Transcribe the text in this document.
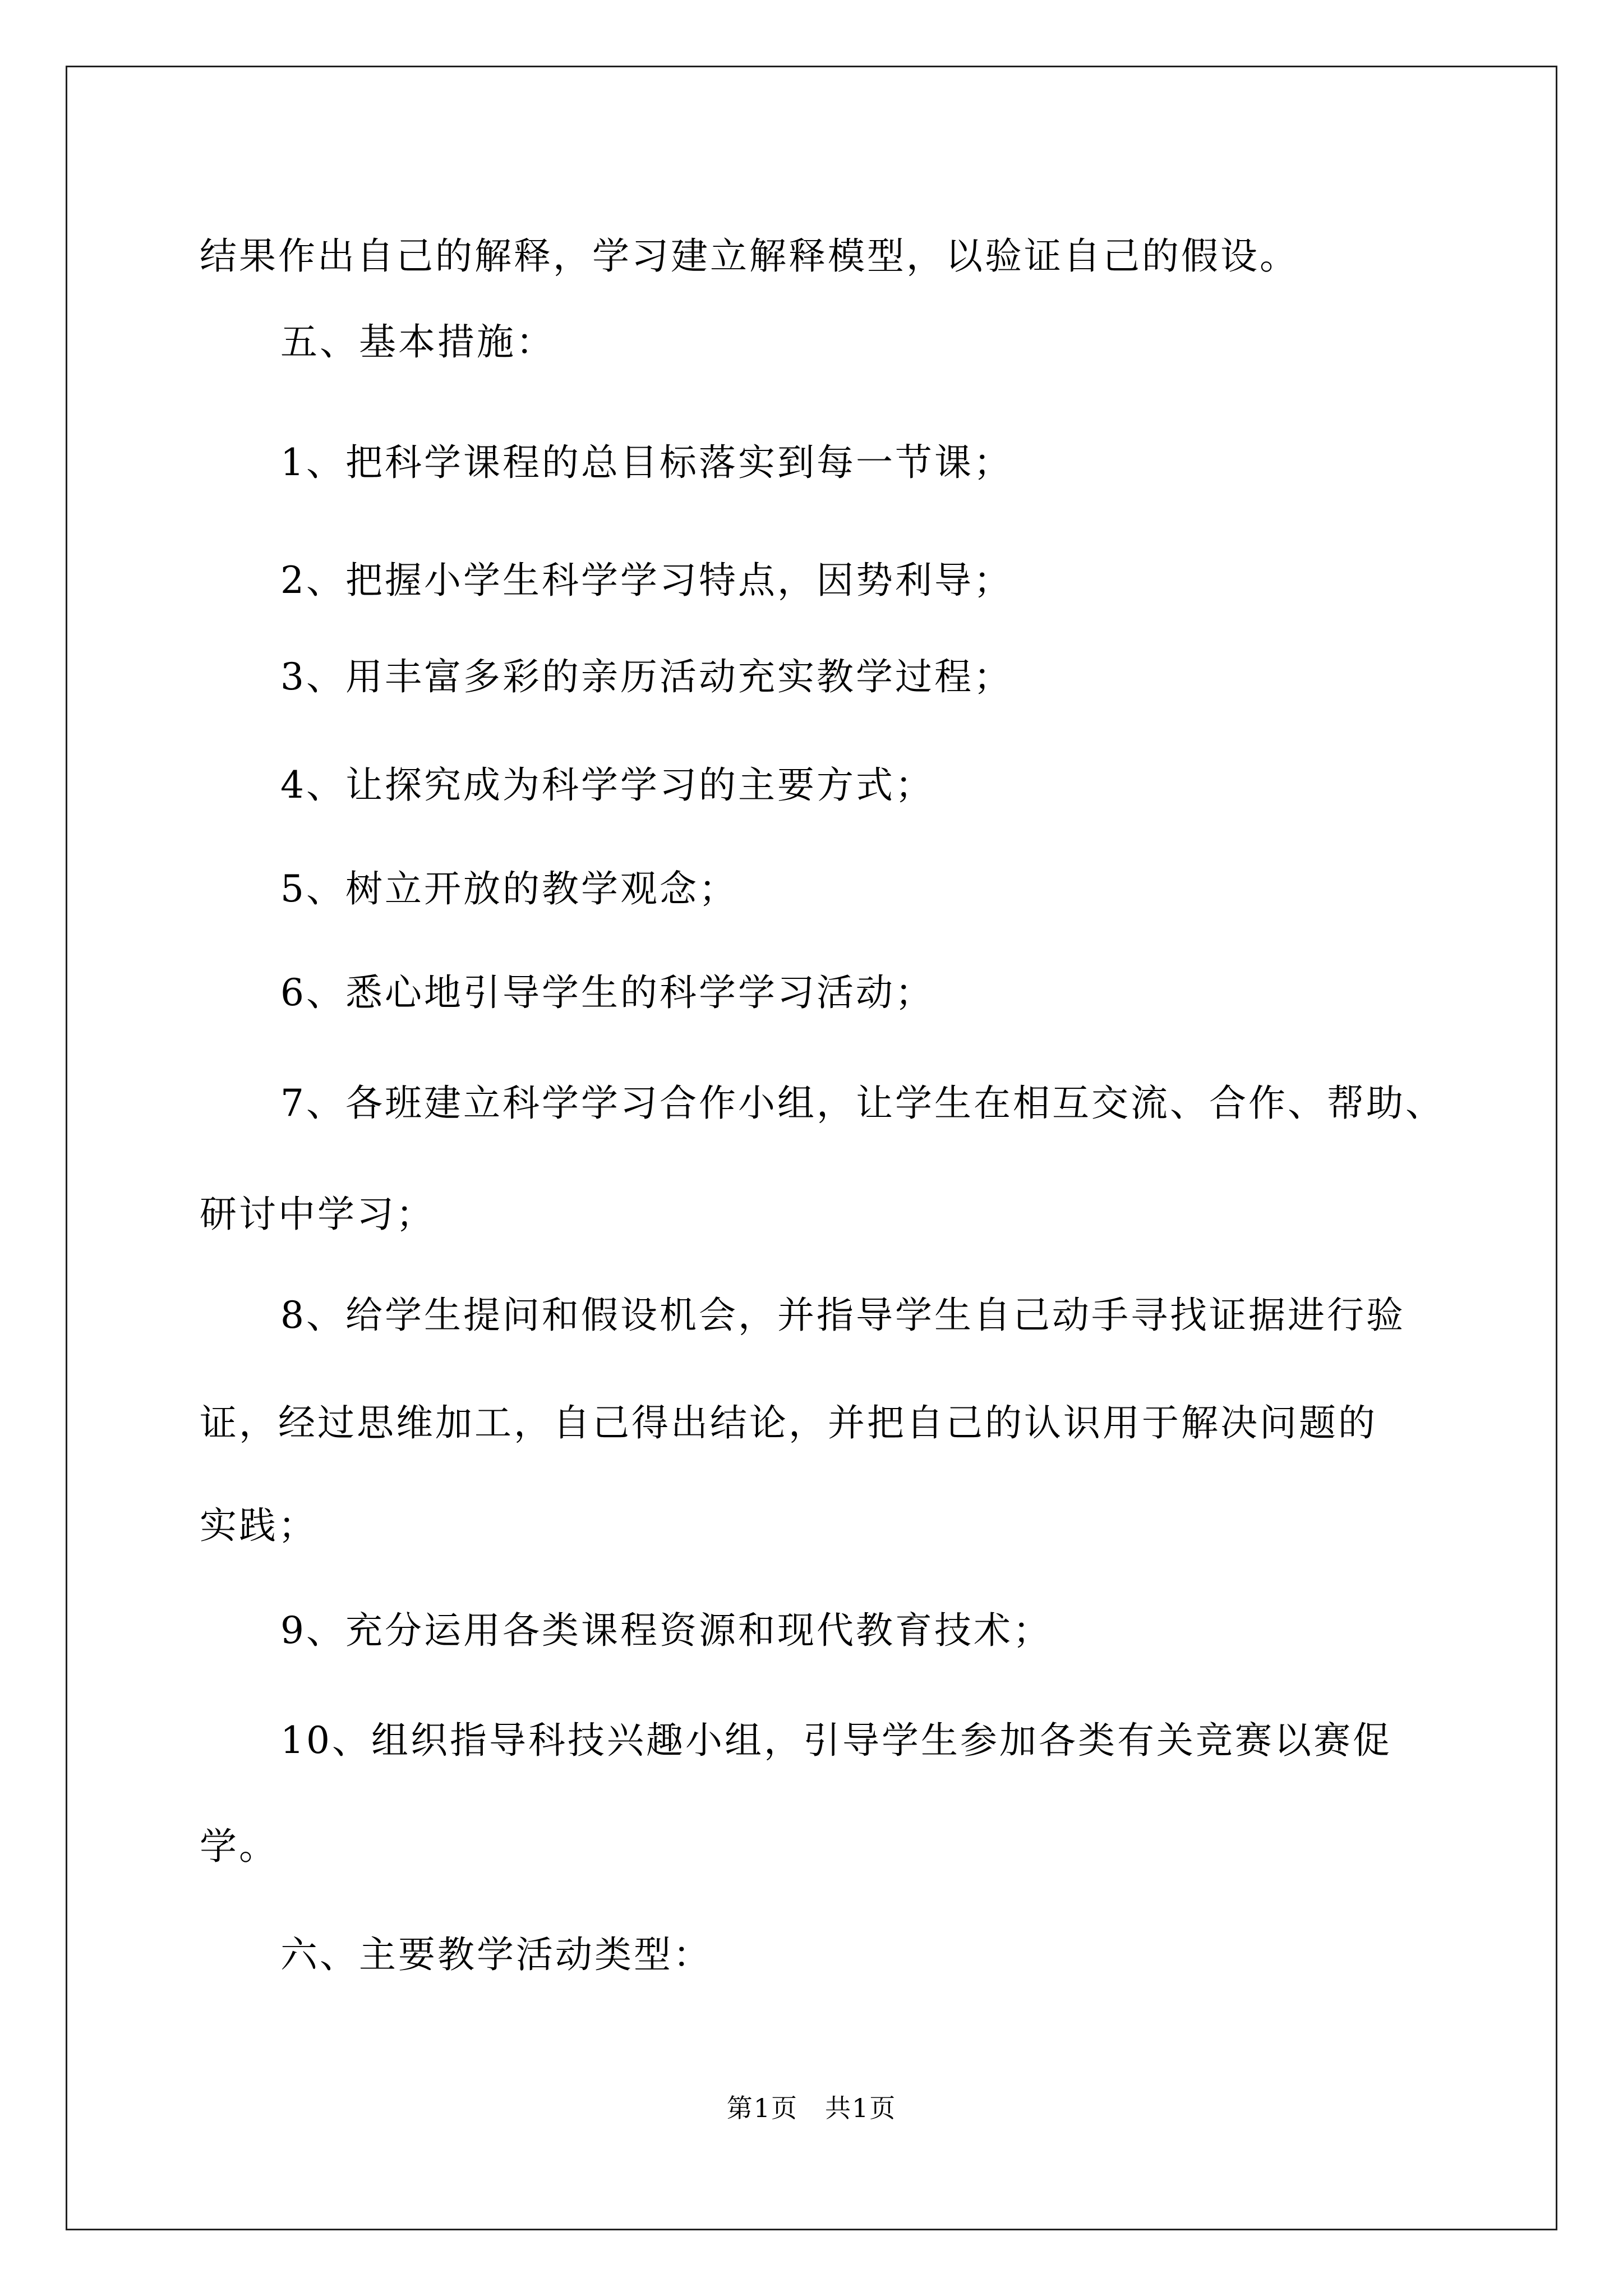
结果作出自己的解释，学习建立解释模型，以验证自己的假设。
五、基本措施：
1、把科学课程的总目标落实到每一节课；
2、把握小学生科学学习特点，因势利导；
3、用丰富多彩的亲历活动充实教学过程；
4、让探究成为科学学习的主要方式；
5、树立开放的教学观念；
6、悉心地引导学生的科学学习活动；
7、各班建立科学学习合作小组，让学生在相互交流、合作、帮助、
研讨中学习；
8、给学生提问和假设机会，并指导学生自己动手寻找证据进行验
证，经过思维加工，自己得出结论，并把自己的认识用于解决问题的
实践；
9、充分运用各类课程资源和现代教育技术；
10、组织指导科技兴趣小组，引导学生参加各类有关竞赛以赛促
学。
六、主要教学活动类型：
第1页　共1页
